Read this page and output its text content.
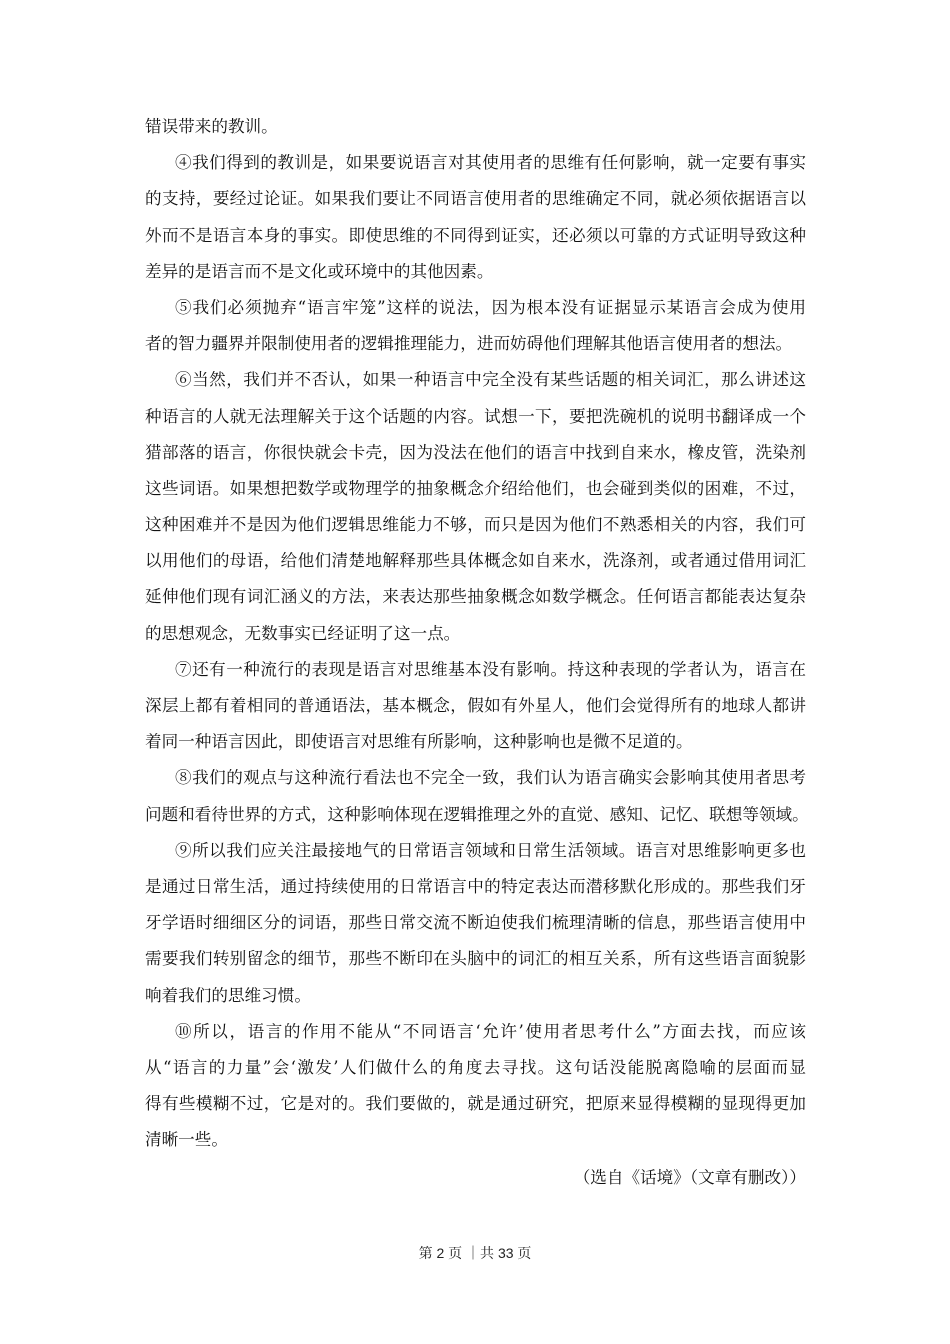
错误带来的教训。
④我们得到的教训是，如果要说语言对其使用者的思维有任何影响，就一定要有事实
的支持，要经过论证。如果我们要让不同语言使用者的思维确定不同，就必须依据语言以
外而不是语言本身的事实。即使思维的不同得到证实，还必须以可靠的方式证明导致这种
差异的是语言而不是文化或环境中的其他因素。
⑤我们必须抛弃“语言牢笼”这样的说法，因为根本没有证据显示某语言会成为使用
者的智力疆界并限制使用者的逻辑推理能力，进而妨碍他们理解其他语言使用者的想法。
⑥当然，我们并不否认，如果一种语言中完全没有某些话题的相关词汇，那么讲述这
种语言的人就无法理解关于这个话题的内容。试想一下，要把洗碗机的说明书翻译成一个
猎部落的语言，你很快就会卡壳，因为没法在他们的语言中找到自来水，橡皮管，洗染剂
这些词语。如果想把数学或物理学的抽象概念介绍给他们，也会碰到类似的困难，不过，
这种困难并不是因为他们逻辑思维能力不够，而只是因为他们不熟悉相关的内容，我们可
以用他们的母语，给他们清楚地解释那些具体概念如自来水，洗涤剂，或者通过借用词汇
延伸他们现有词汇涵义的方法，来表达那些抽象概念如数学概念。任何语言都能表达复杂
的思想观念，无数事实已经证明了这一点。
⑦还有一种流行的表现是语言对思维基本没有影响。持这种表现的学者认为，语言在
深层上都有着相同的普通语法，基本概念，假如有外星人，他们会觉得所有的地球人都讲
着同一种语言因此，即使语言对思维有所影响，这种影响也是微不足道的。
⑧我们的观点与这种流行看法也不完全一致，我们认为语言确实会影响其使用者思考
问题和看待世界的方式，这种影响体现在逻辑推理之外的直觉、感知、记忆、联想等领域。
⑨所以我们应关注最接地气的日常语言领域和日常生活领域。语言对思维影响更多也
是通过日常生活，通过持续使用的日常语言中的特定表达而潜移默化形成的。那些我们牙
牙学语时细细区分的词语，那些日常交流不断迫使我们梳理清晰的信息，那些语言使用中
需要我们转别留念的细节，那些不断印在头脑中的词汇的相互关系，所有这些语言面貌影
响着我们的思维习惯。
⑩所以，语言的作用不能从“不同语言‘允许’使用者思考什么”方面去找，而应该
从“语言的力量”会‘激发’人们做什么的角度去寻找。这句话没能脱离隐喻的层面而显
得有些模糊不过，它是对的。我们要做的，就是通过研究，把原来显得模糊的显现得更加
清晰一些。
（选自《话境》（文章有删改））
第 2 页 ｜共 33 页
